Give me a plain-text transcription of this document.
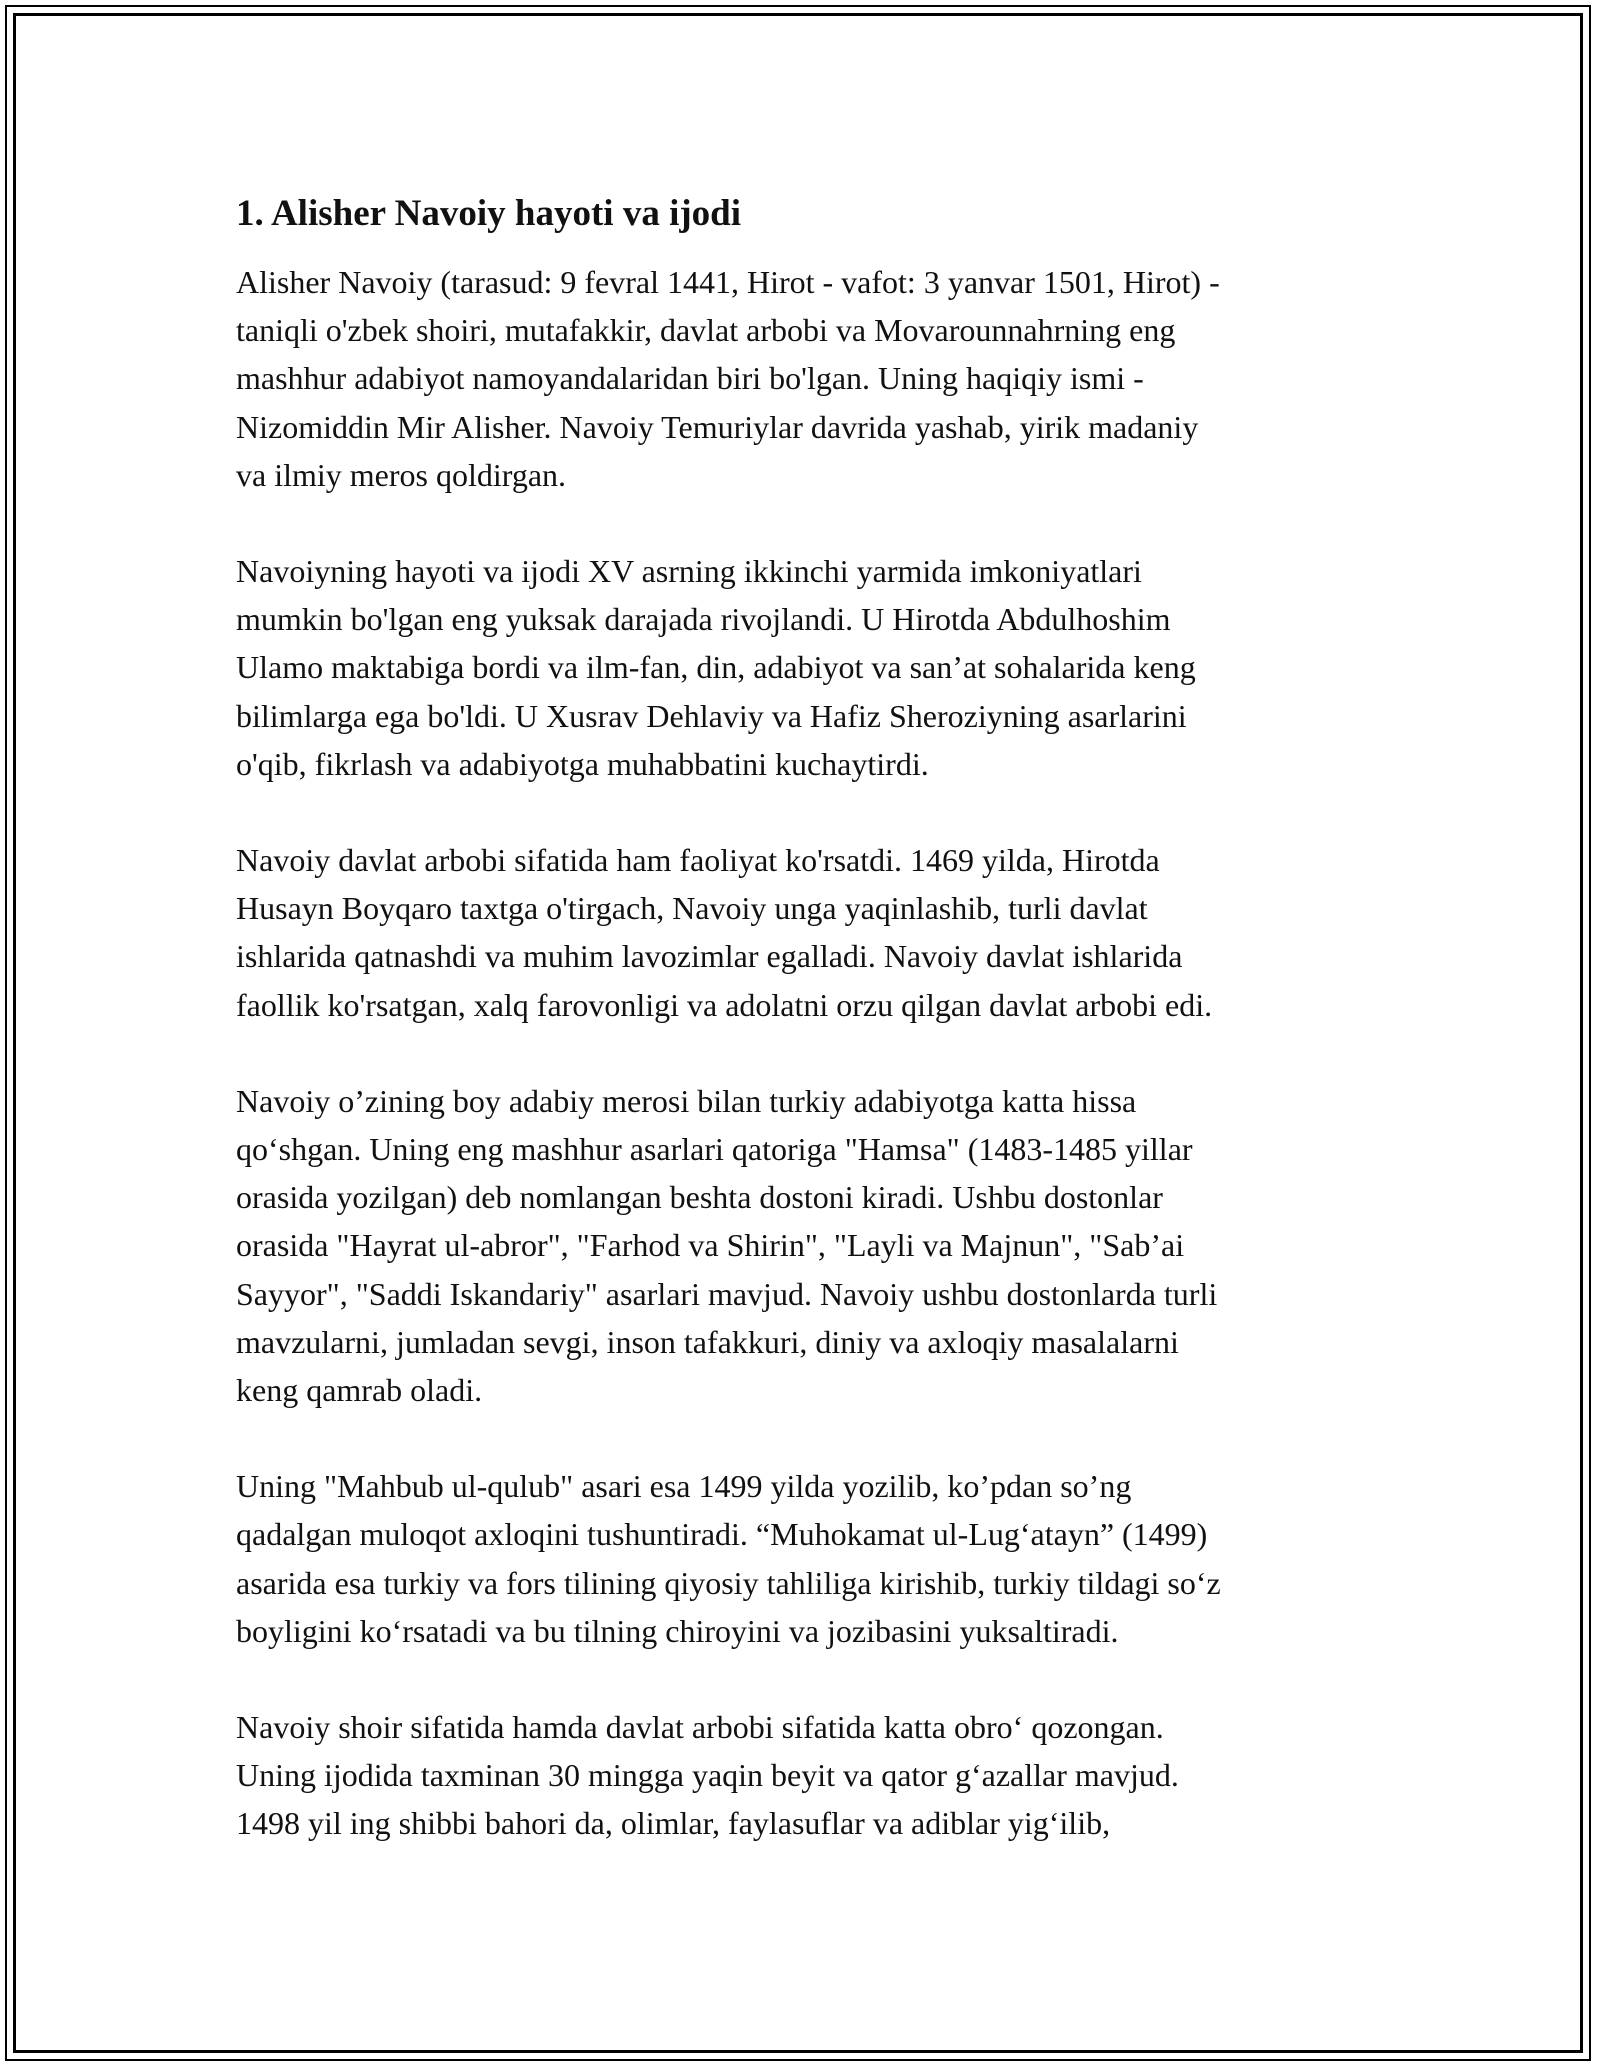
1. Alisher Navoiy hayoti va ijodi

Alisher Navoiy (tarasud: 9 fevral 1441, Hirot - vafot: 3 yanvar 1501, Hirot) -
taniqli o'zbek shoiri, mutafakkir, davlat arbobi va Movarounnahrning eng
mashhur adabiyot namoyandalaridan biri bo'lgan. Uning haqiqiy ismi -
Nizomiddin Mir Alisher. Navoiy Temuriylar davrida yashab, yirik madaniy
va ilmiy meros qoldirgan.

Navoiyning hayoti va ijodi XV asrning ikkinchi yarmida imkoniyatlari
mumkin bo'lgan eng yuksak darajada rivojlandi. U Hirotda Abdulhoshim
Ulamo maktabiga bordi va ilm-fan, din, adabiyot va san’at sohalarida keng
bilimlarga ega bo'ldi. U Xusrav Dehlaviy va Hafiz Sheroziyning asarlarini
o'qib, fikrlash va adabiyotga muhabbatini kuchaytirdi.

Navoiy davlat arbobi sifatida ham faoliyat ko'rsatdi. 1469 yilda, Hirotda
Husayn Boyqaro taxtga o'tirgach, Navoiy unga yaqinlashib, turli davlat
ishlarida qatnashdi va muhim lavozimlar egalladi. Navoiy davlat ishlarida
faollik ko'rsatgan, xalq farovonligi va adolatni orzu qilgan davlat arbobi edi.

Navoiy o’zining boy adabiy merosi bilan turkiy adabiyotga katta hissa
qo‘shgan. Uning eng mashhur asarlari qatoriga "Hamsa" (1483-1485 yillar
orasida yozilgan) deb nomlangan beshta dostoni kiradi. Ushbu dostonlar
orasida "Hayrat ul-abror", "Farhod va Shirin", "Layli va Majnun", "Sab’ai
Sayyor", "Saddi Iskandariy" asarlari mavjud. Navoiy ushbu dostonlarda turli
mavzularni, jumladan sevgi, inson tafakkuri, diniy va axloqiy masalalarni
keng qamrab oladi.

Uning "Mahbub ul-qulub" asari esa 1499 yilda yozilib, ko’pdan so’ng
qadalgan muloqot axloqini tushuntiradi. “Muhokamat ul-Lug‘atayn” (1499)
asarida esa turkiy va fors tilining qiyosiy tahliliga kirishib, turkiy tildagi so‘z
boyligini ko‘rsatadi va bu tilning chiroyini va jozibasini yuksaltiradi.

Navoiy shoir sifatida hamda davlat arbobi sifatida katta obro‘ qozongan.
Uning ijodida taxminan 30 mingga yaqin beyit va qator g‘azallar mavjud.
1498 yil ing shibbi bahori da, olimlar, faylasuflar va adiblar yig‘ilib,
